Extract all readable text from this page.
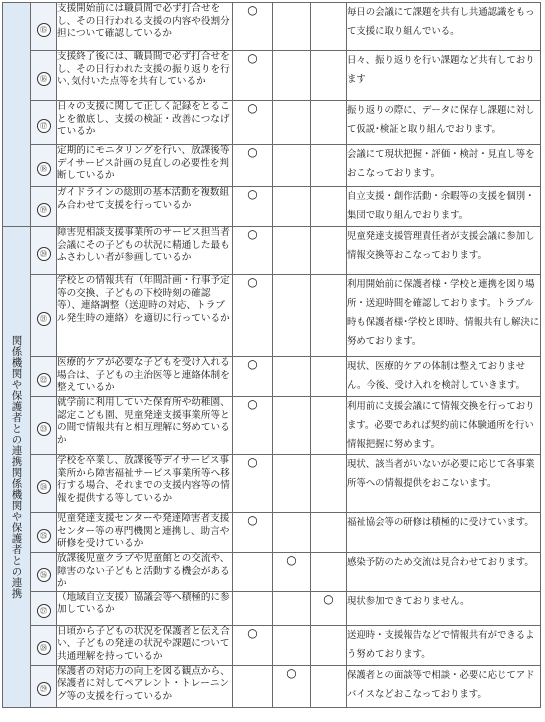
	⑮	支援開始前には職員間で必ず打合せをし、その日行われる支援の内容や役割分担について確認しているか	○			毎日の会議にて課題を共有し共通認識をもって支援に取り組んでいる。
	⑯	支援終了後には、職員間で必ず打合せをし、その日行われた支援の振り返りを行い､気付いた点等を共有しているか	○			日々、振り返りを行い課題など共有しております
	⑰	日々の支援に関して正しく記録をとることを徹底し、支援の検証・改善につなげているか	○			振り返りの際に、データに保存し課題に対して仮説･検証と取り組んでおります。
	⑱	定期的にモニタリングを行い、放課後等デイサービス計画の見直しの必要性を判断しているか	○			会議にて現状把握・評価・検討・見直し等をおこなっております。
	⑲	ガイドラインの総則の基本活動を複数組み合わせて支援を行っているか	○			自立支援・創作活動・余暇等の支援を個別・集団で取り組んでおります。

関係機関や保護者との連携関係機関や保護者との連携	⑳	障害児相談支援事業所のサービス担当者会議にその子どもの状況に精通した最もふさわしい者が参画しているか	○			児童発達支援管理責任者が支援会議に参加し情報交換等おこなっております。
	㉑	学校との情報共有（年間計画・行事予定等の交換、子どもの下校時刻の確認等）、連絡調整（送迎時の対応、トラブル発生時の連絡）を適切に行っているか	○			利用開始前に保護者様・学校と連携を図り場所・送迎時間を確認しております。トラブル時も保護者様･学校と即時、情報共有し解決に努めております。
	㉒	医療的ケアが必要な子どもを受け入れる場合は、子どもの主治医等と連絡体制を整えているか	○			現状、医療的ケアの体制は整えておりません。今後、受け入れを検討していきます。
	㉓	就学前に利用していた保育所や幼稚園、認定こども園、児童発達支援事業所等との間で情報共有と相互理解に努めているか	○			利用前に支援会議にて情報交換を行っております。必要であれば契約前に体験通所を行い情報把握に努めます。
	㉔	学校を卒業し、放課後等デイサービス事業所から障害福祉サービス事業所等へ移行する場合、それまでの支援内容等の情報を提供する等しているか	○			現状、該当者がいないが必要に応じて各事業所等への情報提供をおこないます。
	㉕	児童発達支援センターや発達障害者支援センター等の専門機関と連携し、助言や研修を受けているか	○			福祉協会等の研修は積極的に受けています。
	㉖	放課後児童クラブや児童館との交流や、障害のない子どもと活動する機会があるか		○		感染予防のため交流は見合わせております。
	㉗	（地域自立支援）協議会等へ積極的に参加しているか			○	現状参加できておりません。
	㉘	日頃から子どもの状況を保護者と伝え合い、子どもの発達の状況や課題について共通理解を持っているか	○			送迎時・支援報告などで情報共有ができるよう努めております。
	㉙	保護者の対応力の向上を図る観点から、保護者に対してペアレント・トレーニング等の支援を行っているか		○		保護者との面談等で相談・必要に応じてアドバイスなどおこなっております。
